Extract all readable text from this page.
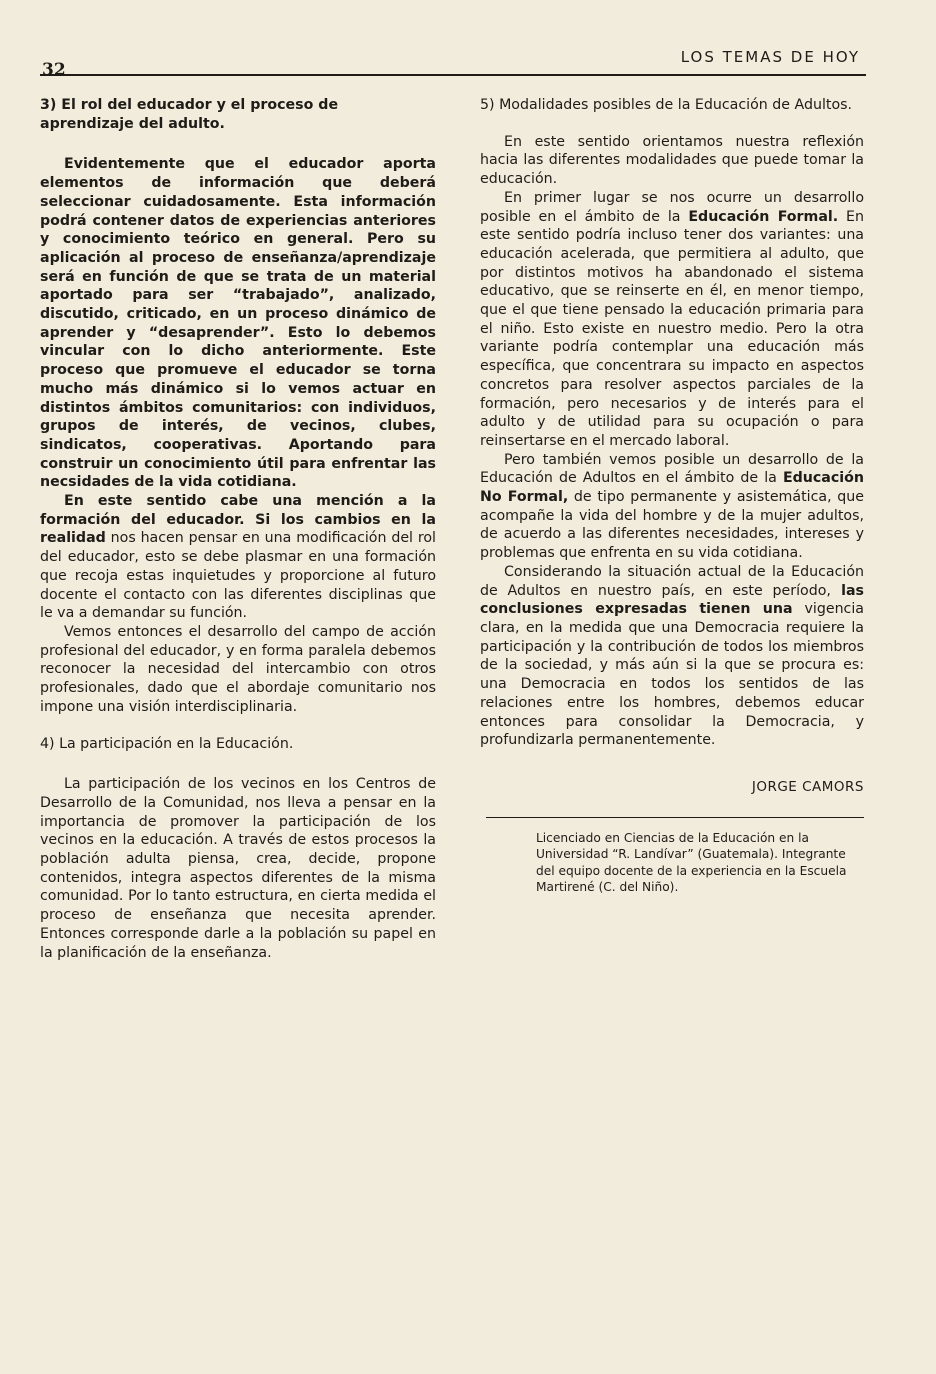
32
LOS TEMAS DE HOY

3) El rol del educador y el proceso de aprendizaje del adulto.

Evidentemente que el educador aporta elementos de información que deberá seleccionar cuidadosamente. Esta información podrá contener datos de experiencias anteriores y conocimiento teórico en general. Pero su aplicación al proceso de enseñanza/aprendizaje será en función de que se trata de un material aportado para ser “trabajado”, analizado, discutido, criticado, en un proceso dinámico de aprender y “desaprender”. Esto lo debemos vincular con lo dicho anteriormente. Este proceso que promueve el educador se torna mucho más dinámico si lo vemos actuar en distintos ámbitos comunitarios: con individuos, grupos de interés, de vecinos, clubes, sindicatos, cooperativas. Aportando para construir un conocimiento útil para enfrentar las necsidades de la vida cotidiana.

En este sentido cabe una mención a la formación del educador. Si los cambios en la realidad nos hacen pensar en una modificación del rol del educador, esto se debe plasmar en una formación que recoja estas inquietudes y proporcione al futuro docente el contacto con las diferentes disciplinas que le va a demandar su función.

Vemos entonces el desarrollo del campo de acción profesional del educador, y en forma paralela debemos reconocer la necesidad del intercambio con otros profesionales, dado que el abordaje comunitario nos impone una visión interdisciplinaria.

4) La participación en la Educación.

La participación de los vecinos en los Centros de Desarrollo de la Comunidad, nos lleva a pensar en la importancia de promover la participación de los vecinos en la educación. A través de estos procesos la población adulta piensa, crea, decide, propone contenidos, integra aspectos diferentes de la misma comunidad. Por lo tanto estructura, en cierta medida el proceso de enseñanza que necesita aprender. Entonces corresponde darle a la población su papel en la planificación de la enseñanza.

5) Modalidades posibles de la Educación de Adultos.

En este sentido orientamos nuestra reflexión hacia las diferentes modalidades que puede tomar la educación.

En primer lugar se nos ocurre un desarrollo posible en el ámbito de la Educación Formal. En este sentido podría incluso tener dos variantes: una educación acelerada, que permitiera al adulto, que por distintos motivos ha abandonado el sistema educativo, que se reinserte en él, en menor tiempo, que el que tiene pensado la educación primaria para el niño. Esto existe en nuestro medio. Pero la otra variante podría contemplar una educación más específica, que concentrara su impacto en aspectos concretos para resolver aspectos parciales de la formación, pero necesarios y de interés para el adulto y de utilidad para su ocupación o para reinsertarse en el mercado laboral.

Pero también vemos posible un desarrollo de la Educación de Adultos en el ámbito de la Educación No Formal, de tipo permanente y asistemática, que acompañe la vida del hombre y de la mujer adultos, de acuerdo a las diferentes necesidades, intereses y problemas que enfrenta en su vida cotidiana.

Considerando la situación actual de la Educación de Adultos en nuestro país, en este período, las conclusiones expresadas tienen una vigencia clara, en la medida que una Democracia requiere la participación y la contribución de todos los miembros de la sociedad, y más aún si la que se procura es: una Democracia en todos los sentidos de las relaciones entre los hombres, debemos educar entonces para consolidar la Democracia, y profundizarla permanentemente.

JORGE CAMORS
Licenciado en Ciencias de la Educación en la Universidad “R. Landívar” (Guatemala). Integrante del equipo docente de la experiencia en la Escuela Martirené (C. del Niño).
